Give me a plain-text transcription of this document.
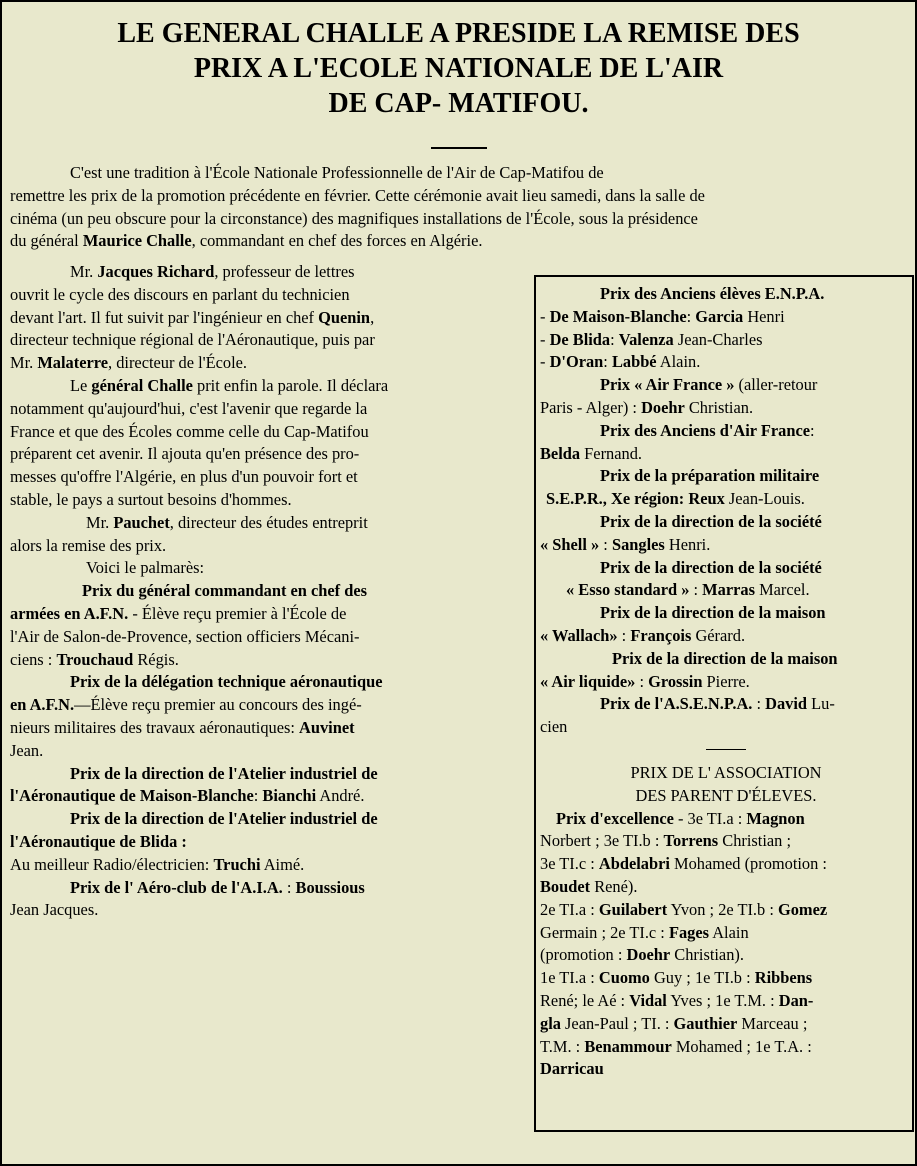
LE GENERAL CHALLE A PRESIDE LA REMISE DES
PRIX A L'ECOLE NATIONALE DE L'AIR
DE CAP- MATIFOU.
C'est une tradition à l'École Nationale Professionnelle de l'Air de Cap-Matifou de
remettre les prix de la promotion précédente en février. Cette cérémonie avait lieu samedi, dans la salle de
cinéma (un peu obscure pour la circonstance) des magnifiques installations de l'École, sous la présidence
du général Maurice Challe, commandant en chef des forces en Algérie.
Mr. Jacques Richard, professeur de lettres
ouvrit le cycle des discours en parlant du technicien
devant l'art. Il fut suivit par l'ingénieur en chef Quenin,
directeur technique régional de l'Aéronautique, puis par
Mr. Malaterre, directeur de l'École.
Le général Challe prit enfin la parole. Il déclara
notamment qu'aujourd'hui, c'est l'avenir que regarde la
France et que des Écoles comme celle du Cap-Matifou
préparent cet avenir. Il ajouta qu'en présence des pro-
messes qu'offre l'Algérie, en plus d'un pouvoir fort et
stable, le pays a surtout besoins d'hommes.
Mr. Pauchet, directeur des études entreprit
alors la remise des prix.
Voici le palmarès:
Prix du général commandant en chef des
armées en A.F.N. - Élève reçu premier à l'École de
l'Air de Salon-de-Provence, section officiers Mécani-
ciens : Trouchaud Régis.
Prix de la délégation technique aéronautique
en A.F.N.—Élève reçu premier au concours des ingé-
nieurs militaires des travaux aéronautiques: Auvinet
Jean.
Prix de la direction de l'Atelier industriel de
l'Aéronautique de Maison-Blanche: Bianchi André.
Prix de la direction de l'Atelier industriel de
l'Aéronautique de Blida :
Au meilleur Radio/électricien: Truchi Aimé.
Prix de l' Aéro-club de l'A.I.A. : Boussious
Jean Jacques.
Prix des Anciens élèves E.N.P.A.
- De Maison-Blanche: Garcia Henri
- De Blida: Valenza Jean-Charles
- D'Oran: Labbé Alain.
Prix « Air France » (aller-retour
Paris - Alger) : Doehr Christian.
Prix des Anciens d'Air France:
Belda Fernand.
Prix de la préparation militaire
S.E.P.R., Xe région: Reux Jean-Louis.
Prix de la direction de la société
« Shell » : Sangles Henri.
Prix de la direction de la société
« Esso standard » : Marras Marcel.
Prix de la direction de la maison
« Wallach» : François Gérard.
Prix de la direction de la maison
« Air liquide» : Grossin Pierre.
Prix de l'A.S.E.N.P.A. : David Lu-
cien
PRIX DE L' ASSOCIATION
DES PARENT D'ÉLEVES.
Prix d'excellence - 3e TI.a : Magnon
Norbert ; 3e TI.b : Torrens Christian ;
3e TI.c : Abdelabri Mohamed (promotion :
Boudet René).
2e TI.a : Guilabert Yvon ; 2e TI.b : Gomez
Germain ; 2e TI.c : Fages Alain
(promotion : Doehr Christian).
1e TI.a : Cuomo Guy ; 1e TI.b : Ribbens
René; le Aé : Vidal Yves ; 1e T.M. : Dan-
gla Jean-Paul ; TI. : Gauthier Marceau ;
T.M. : Benammour Mohamed ; 1e T.A. :
Darricau
